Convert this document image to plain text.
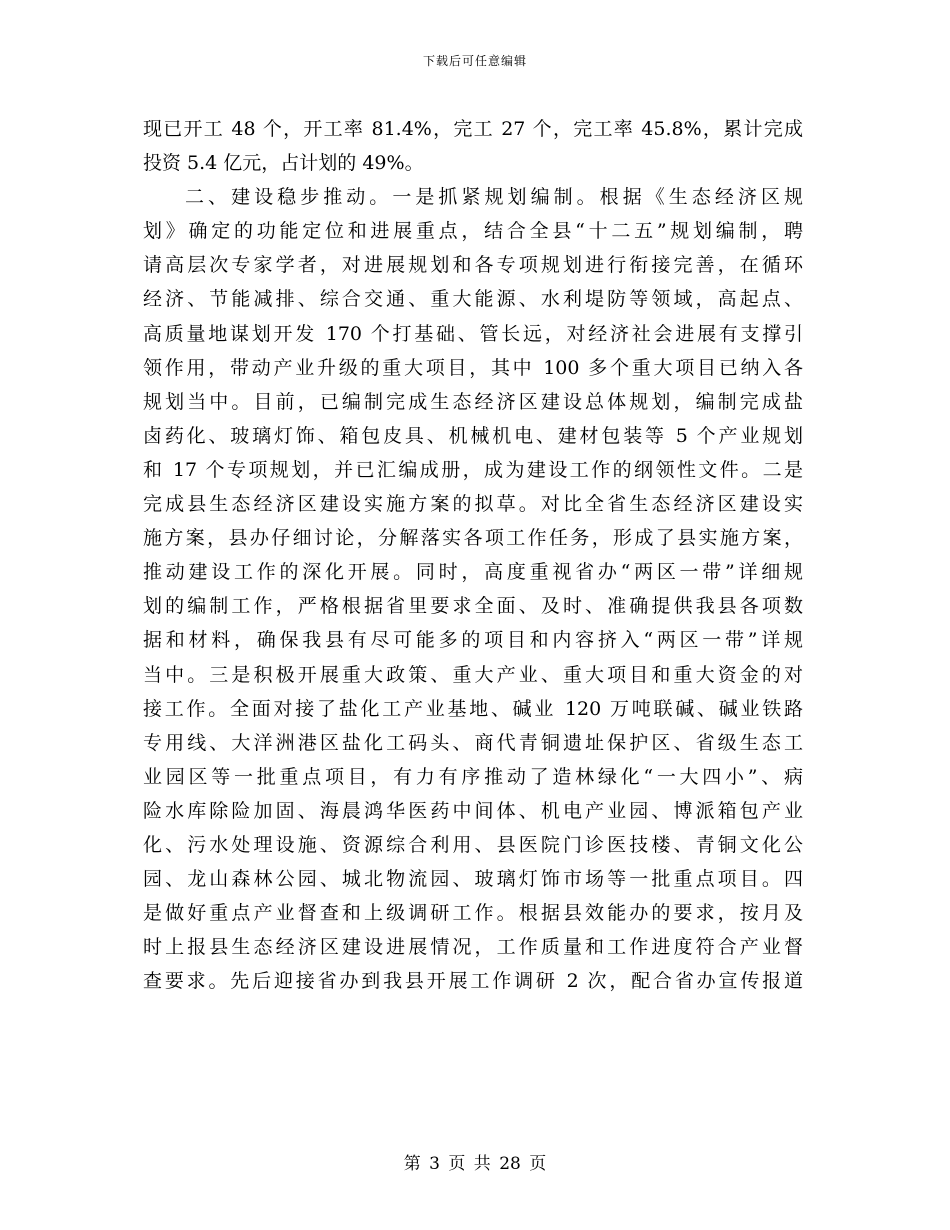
下载后可任意编辑
现已开工 48 个，开工率 81.4%，完工 27 个，完工率 45.8%，累计完成
投资 5.4 亿元，占计划的 49%。
二、建设稳步推动。一是抓紧规划编制。根据《生态经济区规
划》确定的功能定位和进展重点，结合全县“十二五”规划编制，聘
请高层次专家学者，对进展规划和各专项规划进行衔接完善，在循环
经济、节能减排、综合交通、重大能源、水利堤防等领域，高起点、
高质量地谋划开发 170 个打基础、管长远，对经济社会进展有支撑引
领作用，带动产业升级的重大项目，其中 100 多个重大项目已纳入各
规划当中。目前，已编制完成生态经济区建设总体规划，编制完成盐
卤药化、玻璃灯饰、箱包皮具、机械机电、建材包装等 5 个产业规划
和 17 个专项规划，并已汇编成册，成为建设工作的纲领性文件。二是
完成县生态经济区建设实施方案的拟草。对比全省生态经济区建设实
施方案，县办仔细讨论，分解落实各项工作任务，形成了县实施方案，
推动建设工作的深化开展。同时，高度重视省办“两区一带”详细规
划的编制工作，严格根据省里要求全面、及时、准确提供我县各项数
据和材料，确保我县有尽可能多的项目和内容挤入“两区一带”详规
当中。三是积极开展重大政策、重大产业、重大项目和重大资金的对
接工作。全面对接了盐化工产业基地、碱业 120 万吨联碱、碱业铁路
专用线、大洋洲港区盐化工码头、商代青铜遗址保护区、省级生态工
业园区等一批重点项目，有力有序推动了造林绿化“一大四小”、病
险水库除险加固、海晨鸿华医药中间体、机电产业园、博派箱包产业
化、污水处理设施、资源综合利用、县医院门诊医技楼、青铜文化公
园、龙山森林公园、城北物流园、玻璃灯饰市场等一批重点项目。四
是做好重点产业督查和上级调研工作。根据县效能办的要求，按月及
时上报县生态经济区建设进展情况，工作质量和工作进度符合产业督
查要求。先后迎接省办到我县开展工作调研 2 次，配合省办宣传报道
第 3 页 共 28 页
